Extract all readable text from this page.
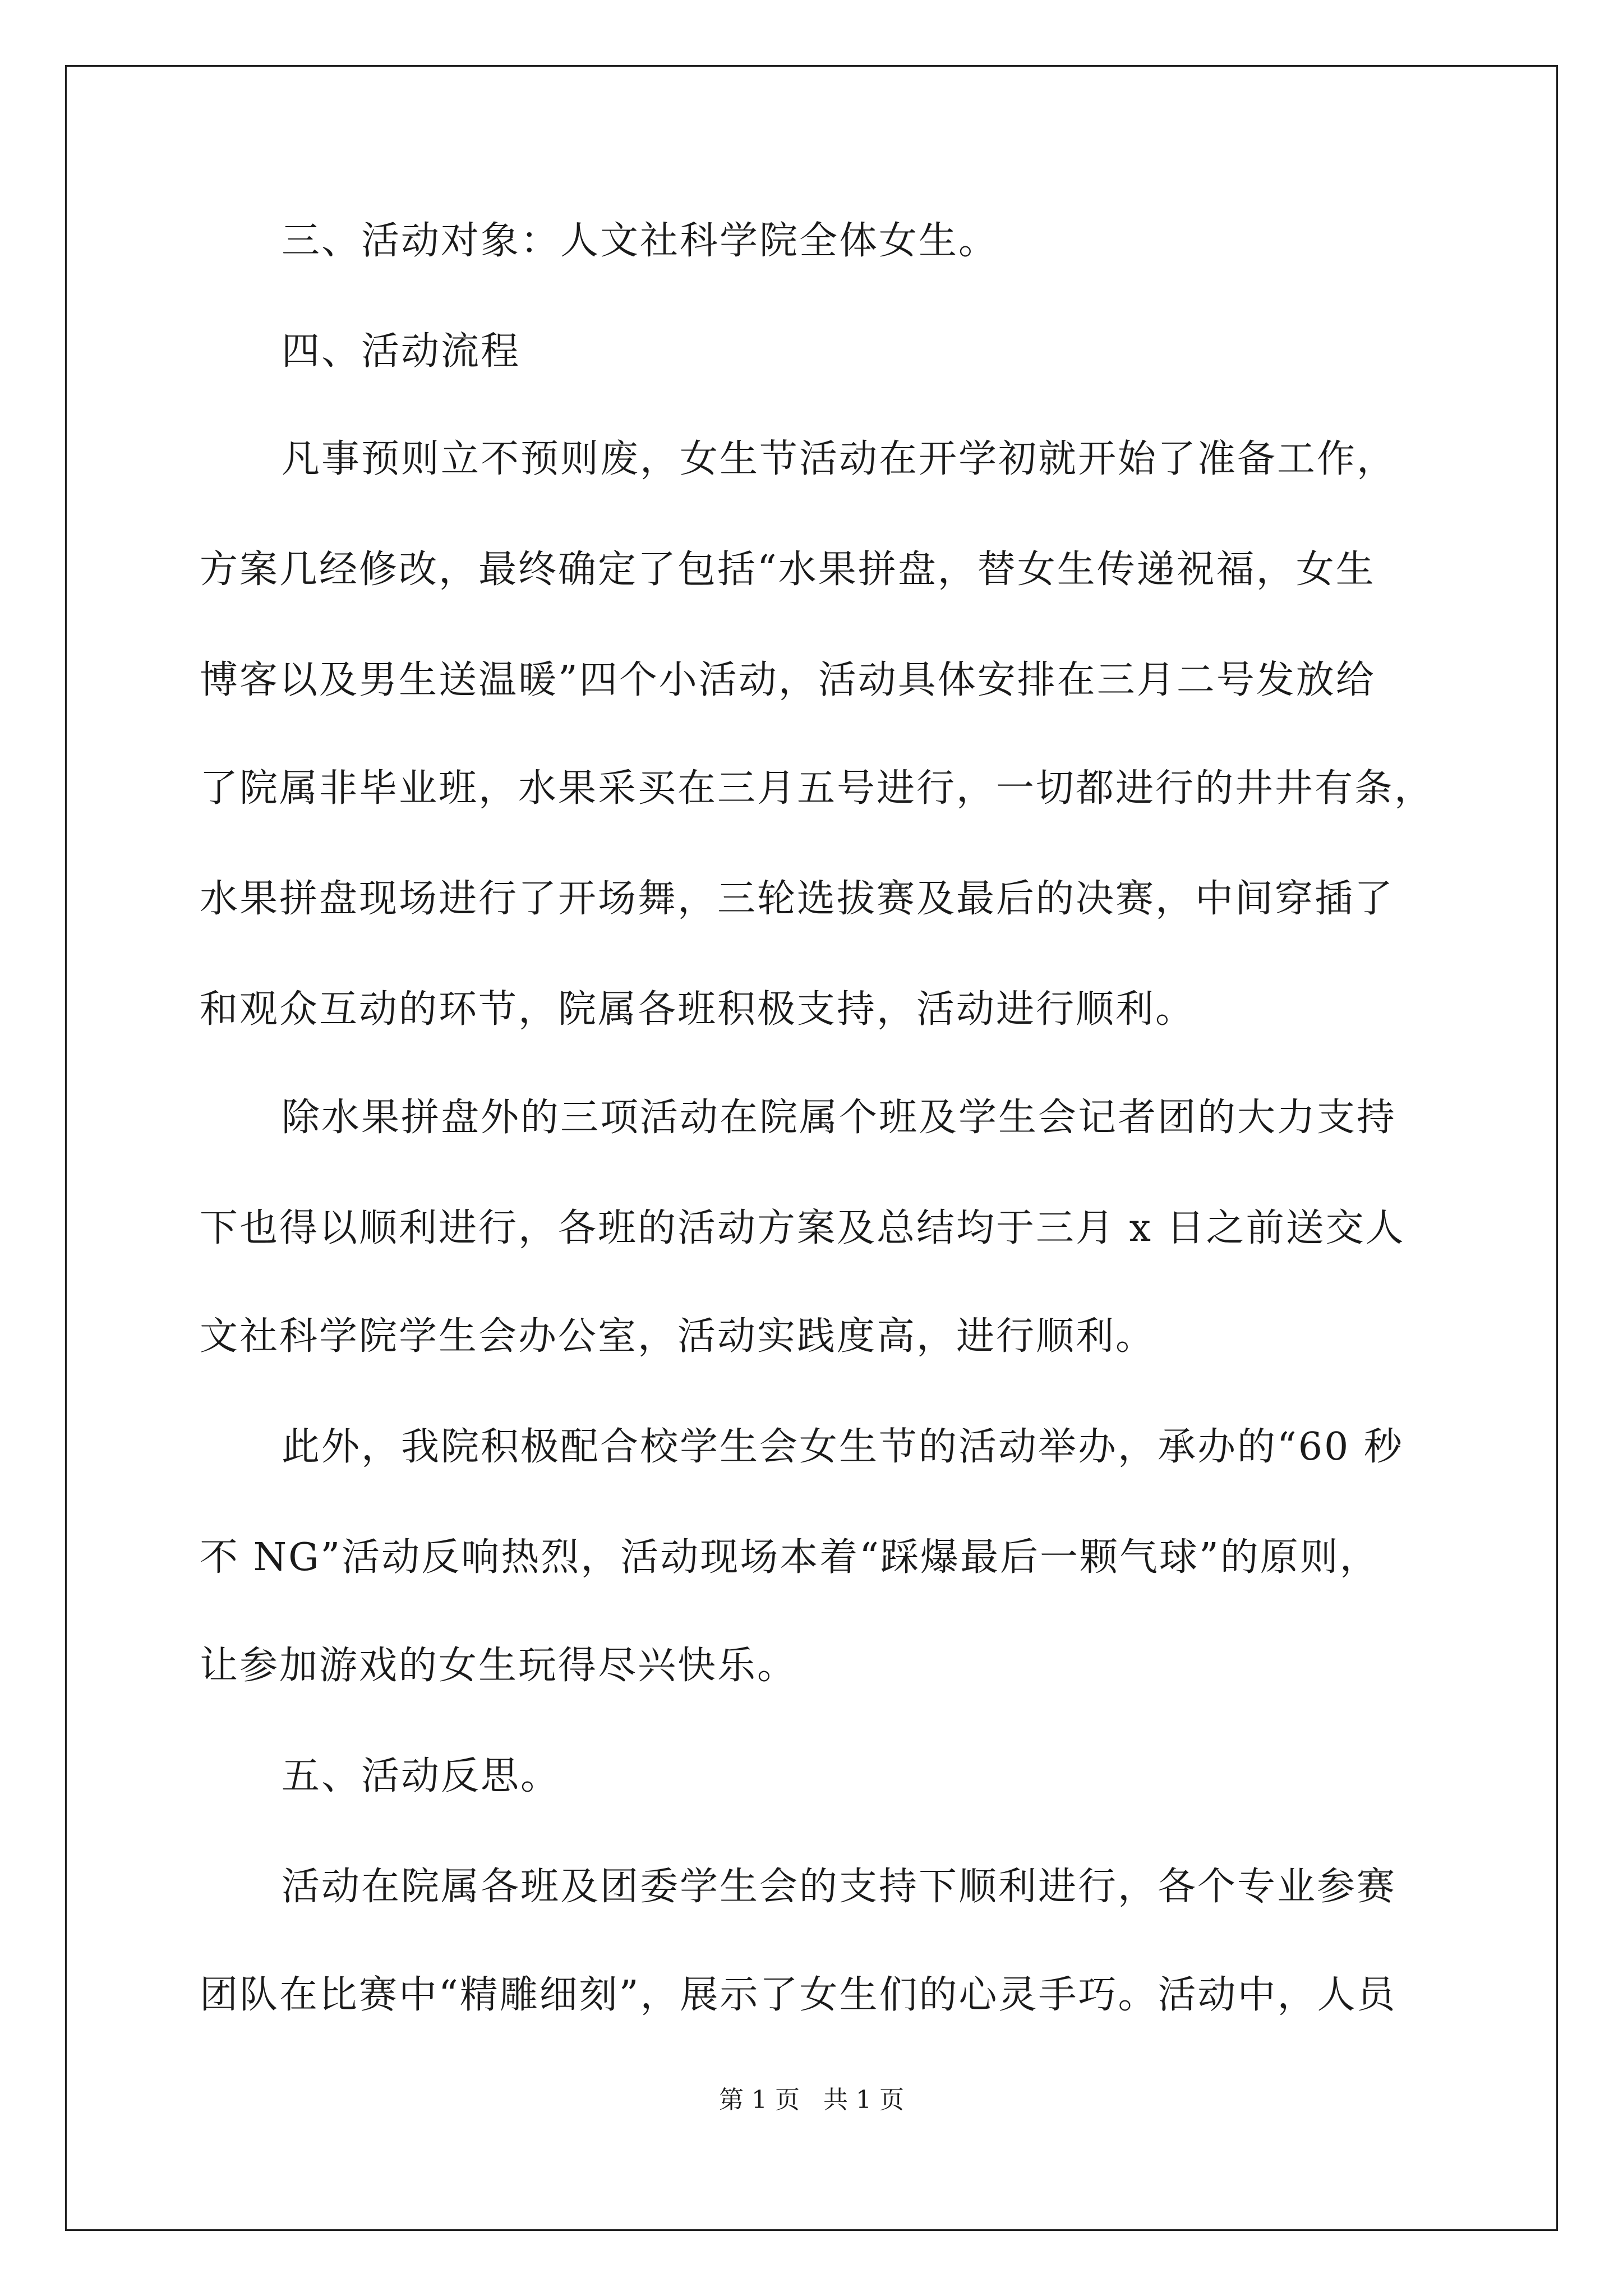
三、活动对象：人文社科学院全体女生。
四、活动流程
凡事预则立不预则废，女生节活动在开学初就开始了准备工作，
方案几经修改，最终确定了包括“水果拼盘，替女生传递祝福，女生
博客以及男生送温暖”四个小活动，活动具体安排在三月二号发放给
了院属非毕业班，水果采买在三月五号进行，一切都进行的井井有条，
水果拼盘现场进行了开场舞，三轮选拔赛及最后的决赛，中间穿插了
和观众互动的环节，院属各班积极支持，活动进行顺利。
除水果拼盘外的三项活动在院属个班及学生会记者团的大力支持
下也得以顺利进行，各班的活动方案及总结均于三月 x 日之前送交人
文社科学院学生会办公室，活动实践度高，进行顺利。
此外，我院积极配合校学生会女生节的活动举办，承办的“60 秒
不 NG”活动反响热烈，活动现场本着“踩爆最后一颗气球”的原则，
让参加游戏的女生玩得尽兴快乐。
五、活动反思。
活动在院属各班及团委学生会的支持下顺利进行，各个专业参赛
团队在比赛中“精雕细刻”，展示了女生们的心灵手巧。活动中，人员
第 1 页   共 1 页
